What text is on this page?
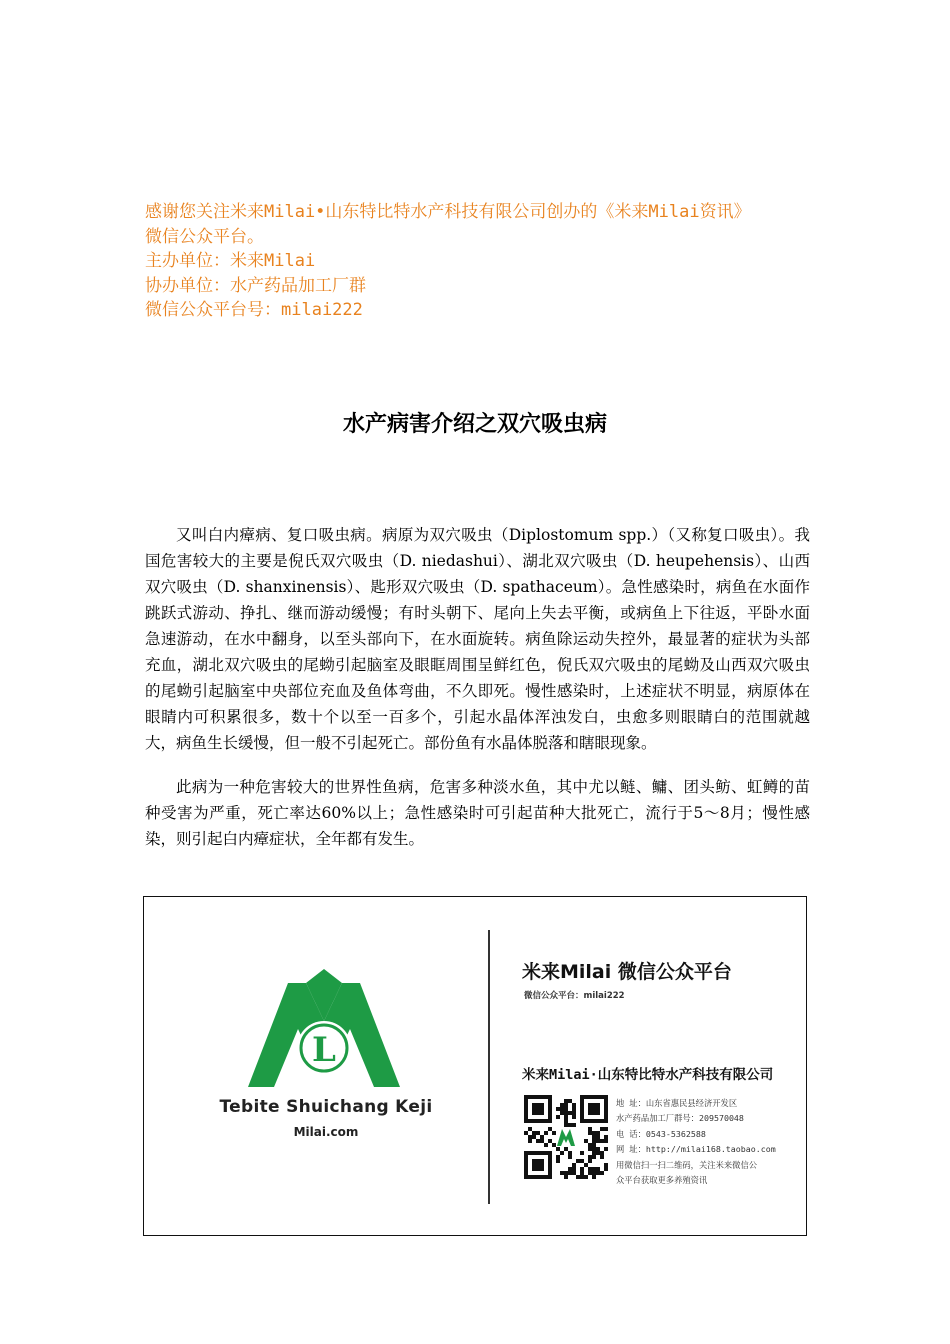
感谢您关注米来Milai•山东特比特水产科技有限公司创办的《米来Milai资讯》
微信公众平台。
主办单位：米来Milai
协办单位：水产药品加工厂群
微信公众平台号：milai222
水产病害介绍之双穴吸虫病

又叫白内瘴病、复口吸虫病。病原为双穴吸虫（Diplostomum spp.）（又称复口吸虫）。我国危害较大的主要是倪氏双穴吸虫（D. niedashui）、湖北双穴吸虫（D. heupehensis）、山西双穴吸虫（D. shanxinensis）、匙形双穴吸虫（D. spathaceum）。急性感染时，病鱼在水面作跳跃式游动、挣扎、继而游动缓慢；有时头朝下、尾向上失去平衡，或病鱼上下往返，平卧水面急速游动，在水中翻身，以至头部向下，在水面旋转。病鱼除运动失控外，最显著的症状为头部充血，湖北双穴吸虫的尾蚴引起脑室及眼眶周围呈鲜红色，倪氏双穴吸虫的尾蚴及山西双穴吸虫的尾蚴引起脑室中央部位充血及鱼体弯曲，不久即死。慢性感染时，上述症状不明显，病原体在眼睛内可积累很多，数十个以至一百多个，引起水晶体浑浊发白，虫愈多则眼睛白的范围就越大，病鱼生长缓慢，但一般不引起死亡。部份鱼有水晶体脱落和瞎眼现象。

此病为一种危害较大的世界性鱼病，危害多种淡水鱼，其中尤以鲢、鳙、团头鲂、虹鳟的苗种受害为严重，死亡率达60%以上；急性感染时可引起苗种大批死亡，流行于5～8月；慢性感染，则引起白内瘴症状，全年都有发生。

L
Tebite Shuichang Keji
Milai.com
米来Milai 微信公众平台
微信公众平台：milai222
米来Milai·山东特比特水产科技有限公司
地 址：山东省惠民县经济开发区
水产药品加工厂群号：209570048
电 话：0543-5362588
网 址：http://milai168.taobao.com
用微信扫一扫二维码，关注米来微信公
众平台获取更多养殖资讯
